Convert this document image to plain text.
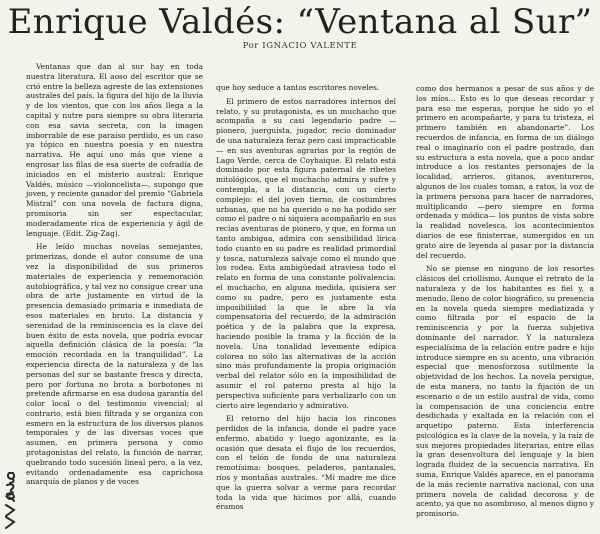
Enrique Valdés: “Ventana al Sur”
Por IGNACIO VALENTE

Ventanas que dan al sur hay en toda nuestra literatura. El aoso del escritor que se crió entre la belleza agreste de las extensiones australes del país, la figura del hijo de la lluvia y de los vientos, que con los años llega a la capital y nutre para siempre su obra literaria con esa savia secreta, con la imagen imborrable de ese paraíso perdido, es un caso ya tópico en nuestra poesía y en nuestra narrativa. He aquí uno más que viene a engrosar las filas de esa suerte de cofradía de iniciados en el misterio austral: Enrique Valdés, músico —violoncelista—, supongo que joven, y reciente ganador del premio “Gabriela Mistral” con una novela de factura digna, promisoria sin ser espectacular, moderadamente rica de experiencia y ágil de lenguaje. (Edit. Zig-Zag).

He leído muchas novelas semejantes, primerizas, donde el autor consume de una vez la disponibilidad de sus primeros materiales de experiencia y rememoración autobiográfica, y tal vez no consigue crear una obra de arte justamente en virtud de la presencia demasiado primaria e inmediata de esos materiales en bruto. La distancia y serenidad de la reminiscencia es la clave del buen éxito de esta novela, que podría evocar aquella definición clásica de la poesía: “la emoción recordada en la tranquilidad”. La experiencia directa de la naturaleza y de las personas del sur se bastante fresca y directa, pero por fortuna no brota a borbotones ni pretende afirmarse en esa dudosa garantía del color local o del testimonio vivencial; al contrario, está bien filtrada y se organiza con esmero en la estructura de los diversos planos temporales y de las diversas voces que asumen, en primera persona y como protagonistas del relato, la función de narrar, quebrando todo sucesión lineal pero, a la vez, evitando ordenadamente esa caprichosa anarquía de planos y de voces

que hoy seduce a tantos escritores noveles.

El primero de estos narradores internos del relato, y su protagonista, es un muchacho que acompaña a su casi legendario padre —pionero, juerguista, jugador, recio dominador de una naturaleza feraz pero casi impracticable— en sus aventuras agrarias por la región de Lago Verde, cerca de Coyhaique. El relato está dominado por esta figura paternal de ribetes mitológicos, que el muchacho admira y sufre y contempla, a la distancia, con un cierto complejo: el del joven tierno, de costumbres urbanas, que no ha querido o no ha podido ser como el padre o ni siquiera acompañarlo en sus recias aventuras de pionero, y que, en forma un tanto ambigua, admira con sensibilidad lírica todo cuanto en su padre es realidad primordial y tosca, naturaleza salvaje como el mundo que los rodea. Esta ambigüedad atraviesa todo el relato en forma de una constante polivalencia: el muchacho, en alguna medida, quisiera ser como su padre, pero es justamente esta imposibilidad la que le abre la vía compensatoria del recuerdo, de la admiración poética y de la palabra que la expresa, haciendo posible la trama y la ficción de la novela. Una tonalidad levemente edípica colorea no sólo las alternativas de la acción sino más profundamente la propia originación verbal del relator sólo en la imposibilidad de asumir el rol paterno presta al hijo la perspectiva suficiente para verbalizarlo con un cierto aire legendario y admirativo.

El retorno del hijo hacia los rincones perdidos de la infancia, donde el padre yace enfermo, abatido y luego agonizante, es la ocasión que desata el flujo de los recuerdos, con el telón de fondo de una naturaleza remotísima: bosques, peladeros, pantanales, ríos y montañas australes. “Mi madre me dice que la guerra solvar a verme para recordar toda la vida que hicimos por allá, cuando éramos

como dos hermanos a pesar de sus años y de los míos... Esto es lo que deseas recordar y para eso me esperas, porque he sido yo el primero en acompañarte, y para tu tristeza, el primero también en abandonarte”. Los recuerdos de infancia, en forma de un diálogo real o imaginario con el padre postrado, dan su estructura a esta novela, que a poco andar introduce a los restantes personajes de la localidad, arrieros, gitanos, aventureros, algunos de los cuales toman, a ratos, la voz de la primera persona para hacer de narradores, multiplicando —pero siempre en forma ordenada y módica— los puntos de vista sobre la realidad novelesca, los acontecimientos diarios de ese finisterrae, sumergidos en un grato aire de leyenda al pasar por la distancia del recuerdo.

No se piense en ninguno de los resortes clásicos del criollismo. Aunque el retrato de la naturaleza y de los habitantes es fiel y, a menudo, lleno de color biográfico, su presencia en la novela queda siempre mediatizada y como filtrada por el espacio de la reminiscencia y por la fuerza subjetiva dominante del narrador. Y la naturaleza especialísima de la relación entre padre e hijo introduce siempre en su acento, una vibración especial que menosforzosa sutilmente la objetividad de los hechos. La novela persigue, de esta manera, no tanto la fijación de un escenario o de un estilo austral de vida, como la compensación de una conciencia entre desdichada y exaltada en la relación con el arquetipo paterno. Esta interferencia psicológica es la clave de la novela, y la raíz de sus mejores propiedades literarias, entre ellas la gran desenvoltura del lenguaje y la bien lograda fluidez de la secuencia narrativa. En suma, Enrique Valdés aparece, en el panorama de la más reciente narrativa nacional, con una primera novela de calidad decorosa y de acento, ya que no asombroso, al menos digno y promisorio.
